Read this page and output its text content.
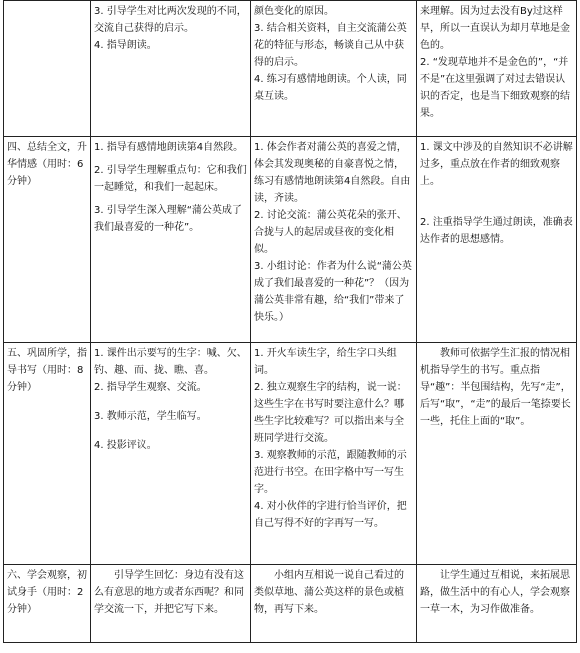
	3. 引导学生对比两次发现的不同，交流自己获得的启示。
4. 指导朗读。	颜色变化的原因。
3. 结合相关资料，自主交流蒲公英花的特征与形态，畅谈自己从中获得的启示。
4. 练习有感情地朗读。个人读，同桌互读。	来理解。因为过去没有By过这样早，所以一直误认为却月草地是金色的。
2. “发现草地并不是金色的”，“并不是”在这里强调了对过去错误认识的否定，也是当下细致观察的结果。

四、总结全文，升华情感（用时：6分钟）	1. 指导有感情地朗读第4自然段。
2. 引导学生理解重点句：它和我们一起睡觉，和我们一起起床。
3. 引导学生深入理解“蒲公英成了我们最喜爱的一种花”。	1. 体会作者对蒲公英的喜爱之情，体会其发现奥秘的自豪喜悦之情，练习有感情地朗读第4自然段。自由读，齐读。
2. 讨论交流：蒲公英花朵的张开、合拢与人的起居或昼夜的变化相似。
3. 小组讨论：作者为什么说“蒲公英成了我们最喜爱的一种花”？（因为蒲公英非常有趣，给“我们”带来了快乐。）	1. 课文中涉及的自然知识不必讲解过多，重点放在作者的细致观察上。
2. 注重指导学生通过朗读，准确表达作者的思想感情。

五、巩固所学，指导书写（用时：8分钟）	1. 课件出示要写的生字：喊、欠、钓、趣、而、拢、瞧、喜。
2. 指导学生观察、交流。
3. 教师示范，学生临写。
4. 投影评议。	1. 开火车读生字，给生字口头组词。
2. 独立观察生字的结构，说一说：这些生字在书写时要注意什么？哪些生字比较难写？可以指出来与全班同学进行交流。
3. 观察教师的示范，跟随教师的示范进行书空。在田字格中写一写生字。
4. 对小伙伴的字进行恰当评价，把自己写得不好的字再写一写。	教师可依据学生汇报的情况相机指导学生的书写。重点指导“趣”：半包围结构，先写“走”，后写“取”，“走”的最后一笔捺要长一些，托住上面的“取”。

六、学会观察，初试身手（用时：2分钟）	引导学生回忆：身边有没有这么有意思的地方或者东西呢？和同学交流一下，并把它写下来。	小组内互相说一说自己看过的类似草地、蒲公英这样的景色或植物，再写下来。	让学生通过互相说，来拓展思路，做生活中的有心人，学会观察一草一木，为习作做准备。
